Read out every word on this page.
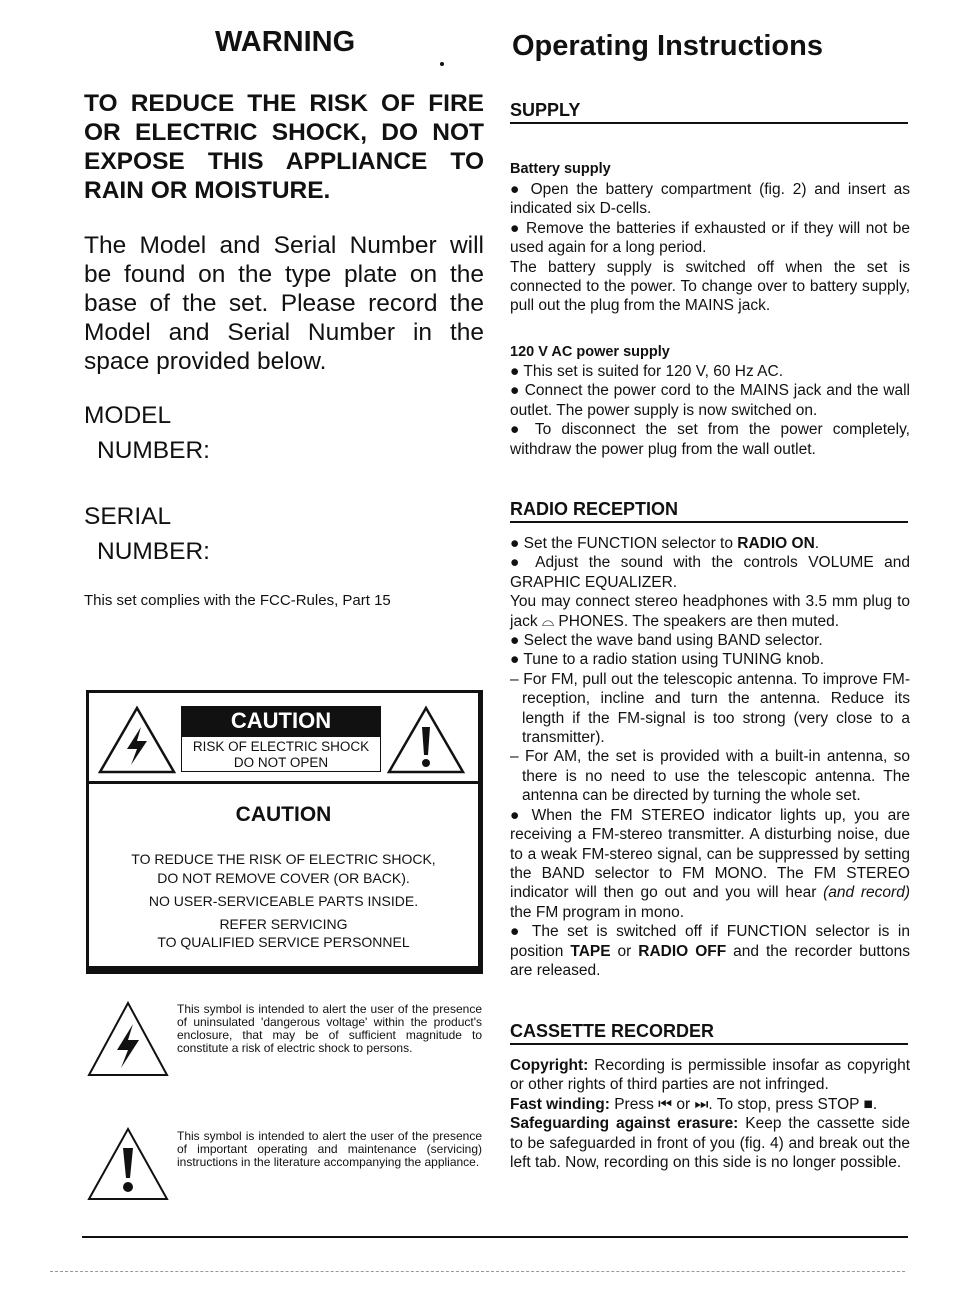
WARNING
TO REDUCE THE RISK OF FIRE OR ELECTRIC SHOCK, DO NOT EXPOSE THIS APPLIANCE TO RAIN OR MOISTURE.
The Model and Serial Number will be found on the type plate on the base of the set. Please record the Model and Serial Number in the space provided below.
MODEL
NUMBER:
SERIAL
NUMBER:
This set complies with the FCC-Rules, Part 15
CAUTION
RISK OF ELECTRIC SHOCK
DO NOT OPEN
CAUTION
TO REDUCE THE RISK OF ELECTRIC SHOCK,
DO NOT REMOVE COVER (OR BACK).
NO USER-SERVICEABLE PARTS INSIDE.
REFER SERVICING
TO QUALIFIED SERVICE PERSONNEL
This symbol is intended to alert the user of the presence of uninsulated 'dangerous voltage' within the product's enclosure, that may be of sufficient magnitude to constitute a risk of electric shock to persons.
This symbol is intended to alert the user of the presence of important operating and maintenance (servicing) instructions in the literature accompanying the appliance.
Operating Instructions
SUPPLY
Battery supply

● Open the battery compartment (fig. 2) and insert as indicated six D-cells.

● Remove the batteries if exhausted or if they will not be used again for a long period.

The battery supply is switched off when the set is connected to the power. To change over to battery supply, pull out the plug from the MAINS jack.

120 V AC power supply

● This set is suited for 120 V, 60 Hz AC.

● Connect the power cord to the MAINS jack and the wall outlet. The power supply is now switched on.

● To disconnect the set from the power completely, withdraw the power plug from the wall outlet.

RADIO RECEPTION

● Set the FUNCTION selector to RADIO ON.

● Adjust the sound with the controls VOLUME and GRAPHIC EQUALIZER.

You may connect stereo headphones with 3.5 mm plug to jack ⌓ PHONES. The speakers are then muted.

● Select the wave band using BAND selector.

● Tune to a radio station using TUNING knob.

– For FM, pull out the telescopic antenna. To improve FM-reception, incline and turn the antenna. Reduce its length if the FM-signal is too strong (very close to a transmitter).

– For AM, the set is provided with a built-in antenna, so there is no need to use the telescopic antenna. The antenna can be directed by turning the whole set.

● When the FM STEREO indicator lights up, you are receiving a FM-stereo transmitter. A disturbing noise, due to a weak FM-stereo signal, can be suppressed by setting the BAND selector to FM MONO. The FM STEREO indicator will then go out and you will hear (and record) the FM program in mono.

● The set is switched off if FUNCTION selector is in position TAPE or RADIO OFF and the recorder buttons are released.

CASSETTE RECORDER

Copyright: Recording is permissible insofar as copyright or other rights of third parties are not infringed.

Fast winding: Press ⏮ or ⏭. To stop, press STOP ■.

Safeguarding against erasure: Keep the cassette side to be safeguarded in front of you (fig. 4) and break out the left tab. Now, recording on this side is no longer possible.
